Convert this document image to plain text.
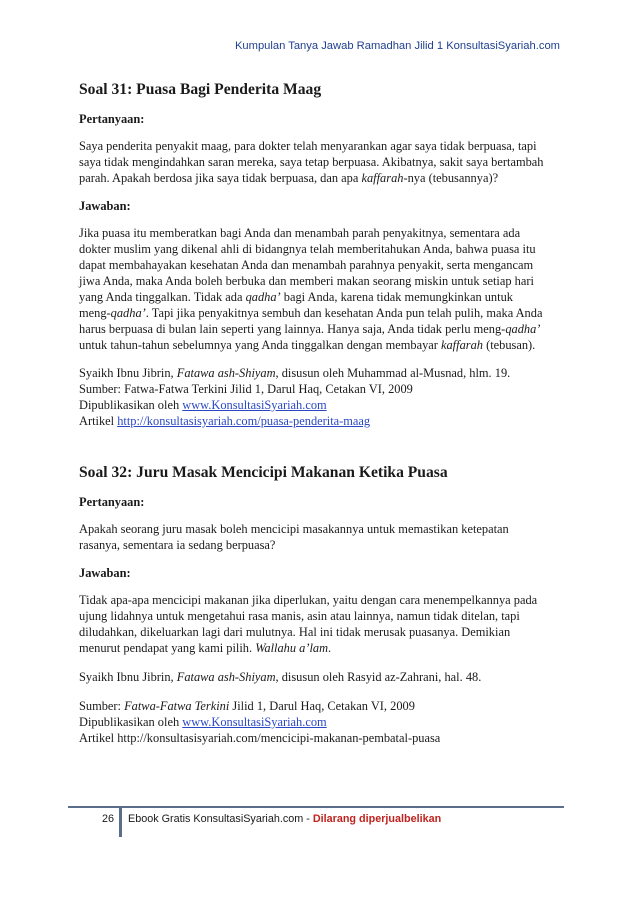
Kumpulan Tanya Jawab Ramadhan Jilid 1 KonsultasiSyariah.com

Soal 31: Puasa Bagi Penderita Maag

Pertanyaan:

Saya penderita penyakit maag, para dokter telah menyarankan agar saya tidak berpuasa, tapi

saya tidak mengindahkan saran mereka, saya tetap berpuasa. Akibatnya, sakit saya bertambah

parah. Apakah berdosa jika saya tidak berpuasa, dan apa kaffarah-nya (tebusannya)?

Jawaban:

Jika puasa itu memberatkan bagi Anda dan menambah parah penyakitnya, sementara ada

dokter muslim yang dikenal ahli di bidangnya telah memberitahukan Anda, bahwa puasa itu

dapat membahayakan kesehatan Anda dan menambah parahnya penyakit, serta mengancam

jiwa Anda, maka Anda boleh berbuka dan memberi makan seorang miskin untuk setiap hari

yang Anda tinggalkan. Tidak ada qadha’ bagi Anda, karena tidak memungkinkan untuk

meng-qadha’. Tapi jika penyakitnya sembuh dan kesehatan Anda pun telah pulih, maka Anda

harus berpuasa di bulan lain seperti yang lainnya. Hanya saja, Anda tidak perlu meng-qadha’

untuk tahun-tahun sebelumnya yang Anda tinggalkan dengan membayar kaffarah (tebusan).

Syaikh Ibnu Jibrin, Fatawa ash-Shiyam, disusun oleh Muhammad al-Musnad, hlm. 19.

Sumber: Fatwa-Fatwa Terkini Jilid 1, Darul Haq, Cetakan VI, 2009

Dipublikasikan oleh www.KonsultasiSyariah.com

Artikel http://konsultasisyariah.com/puasa-penderita-maag

Soal 32: Juru Masak Mencicipi Makanan Ketika Puasa

Pertanyaan:

Apakah seorang juru masak boleh mencicipi masakannya untuk memastikan ketepatan

rasanya, sementara ia sedang berpuasa?

Jawaban:

Tidak apa-apa mencicipi makanan jika diperlukan, yaitu dengan cara menempelkannya pada

ujung lidahnya untuk mengetahui rasa manis, asin atau lainnya, namun tidak ditelan, tapi

diludahkan, dikeluarkan lagi dari mulutnya. Hal ini tidak merusak puasanya. Demikian

menurut pendapat yang kami pilih. Wallahu a’lam.

Syaikh Ibnu Jibrin, Fatawa ash-Shiyam, disusun oleh Rasyid az-Zahrani, hal. 48.

Sumber: Fatwa-Fatwa Terkini Jilid 1, Darul Haq, Cetakan VI, 2009

Dipublikasikan oleh www.KonsultasiSyariah.com

Artikel http://konsultasisyariah.com/mencicipi-makanan-pembatal-puasa

26	Ebook Gratis KonsultasiSyariah.com - Dilarang diperjualbelikan
